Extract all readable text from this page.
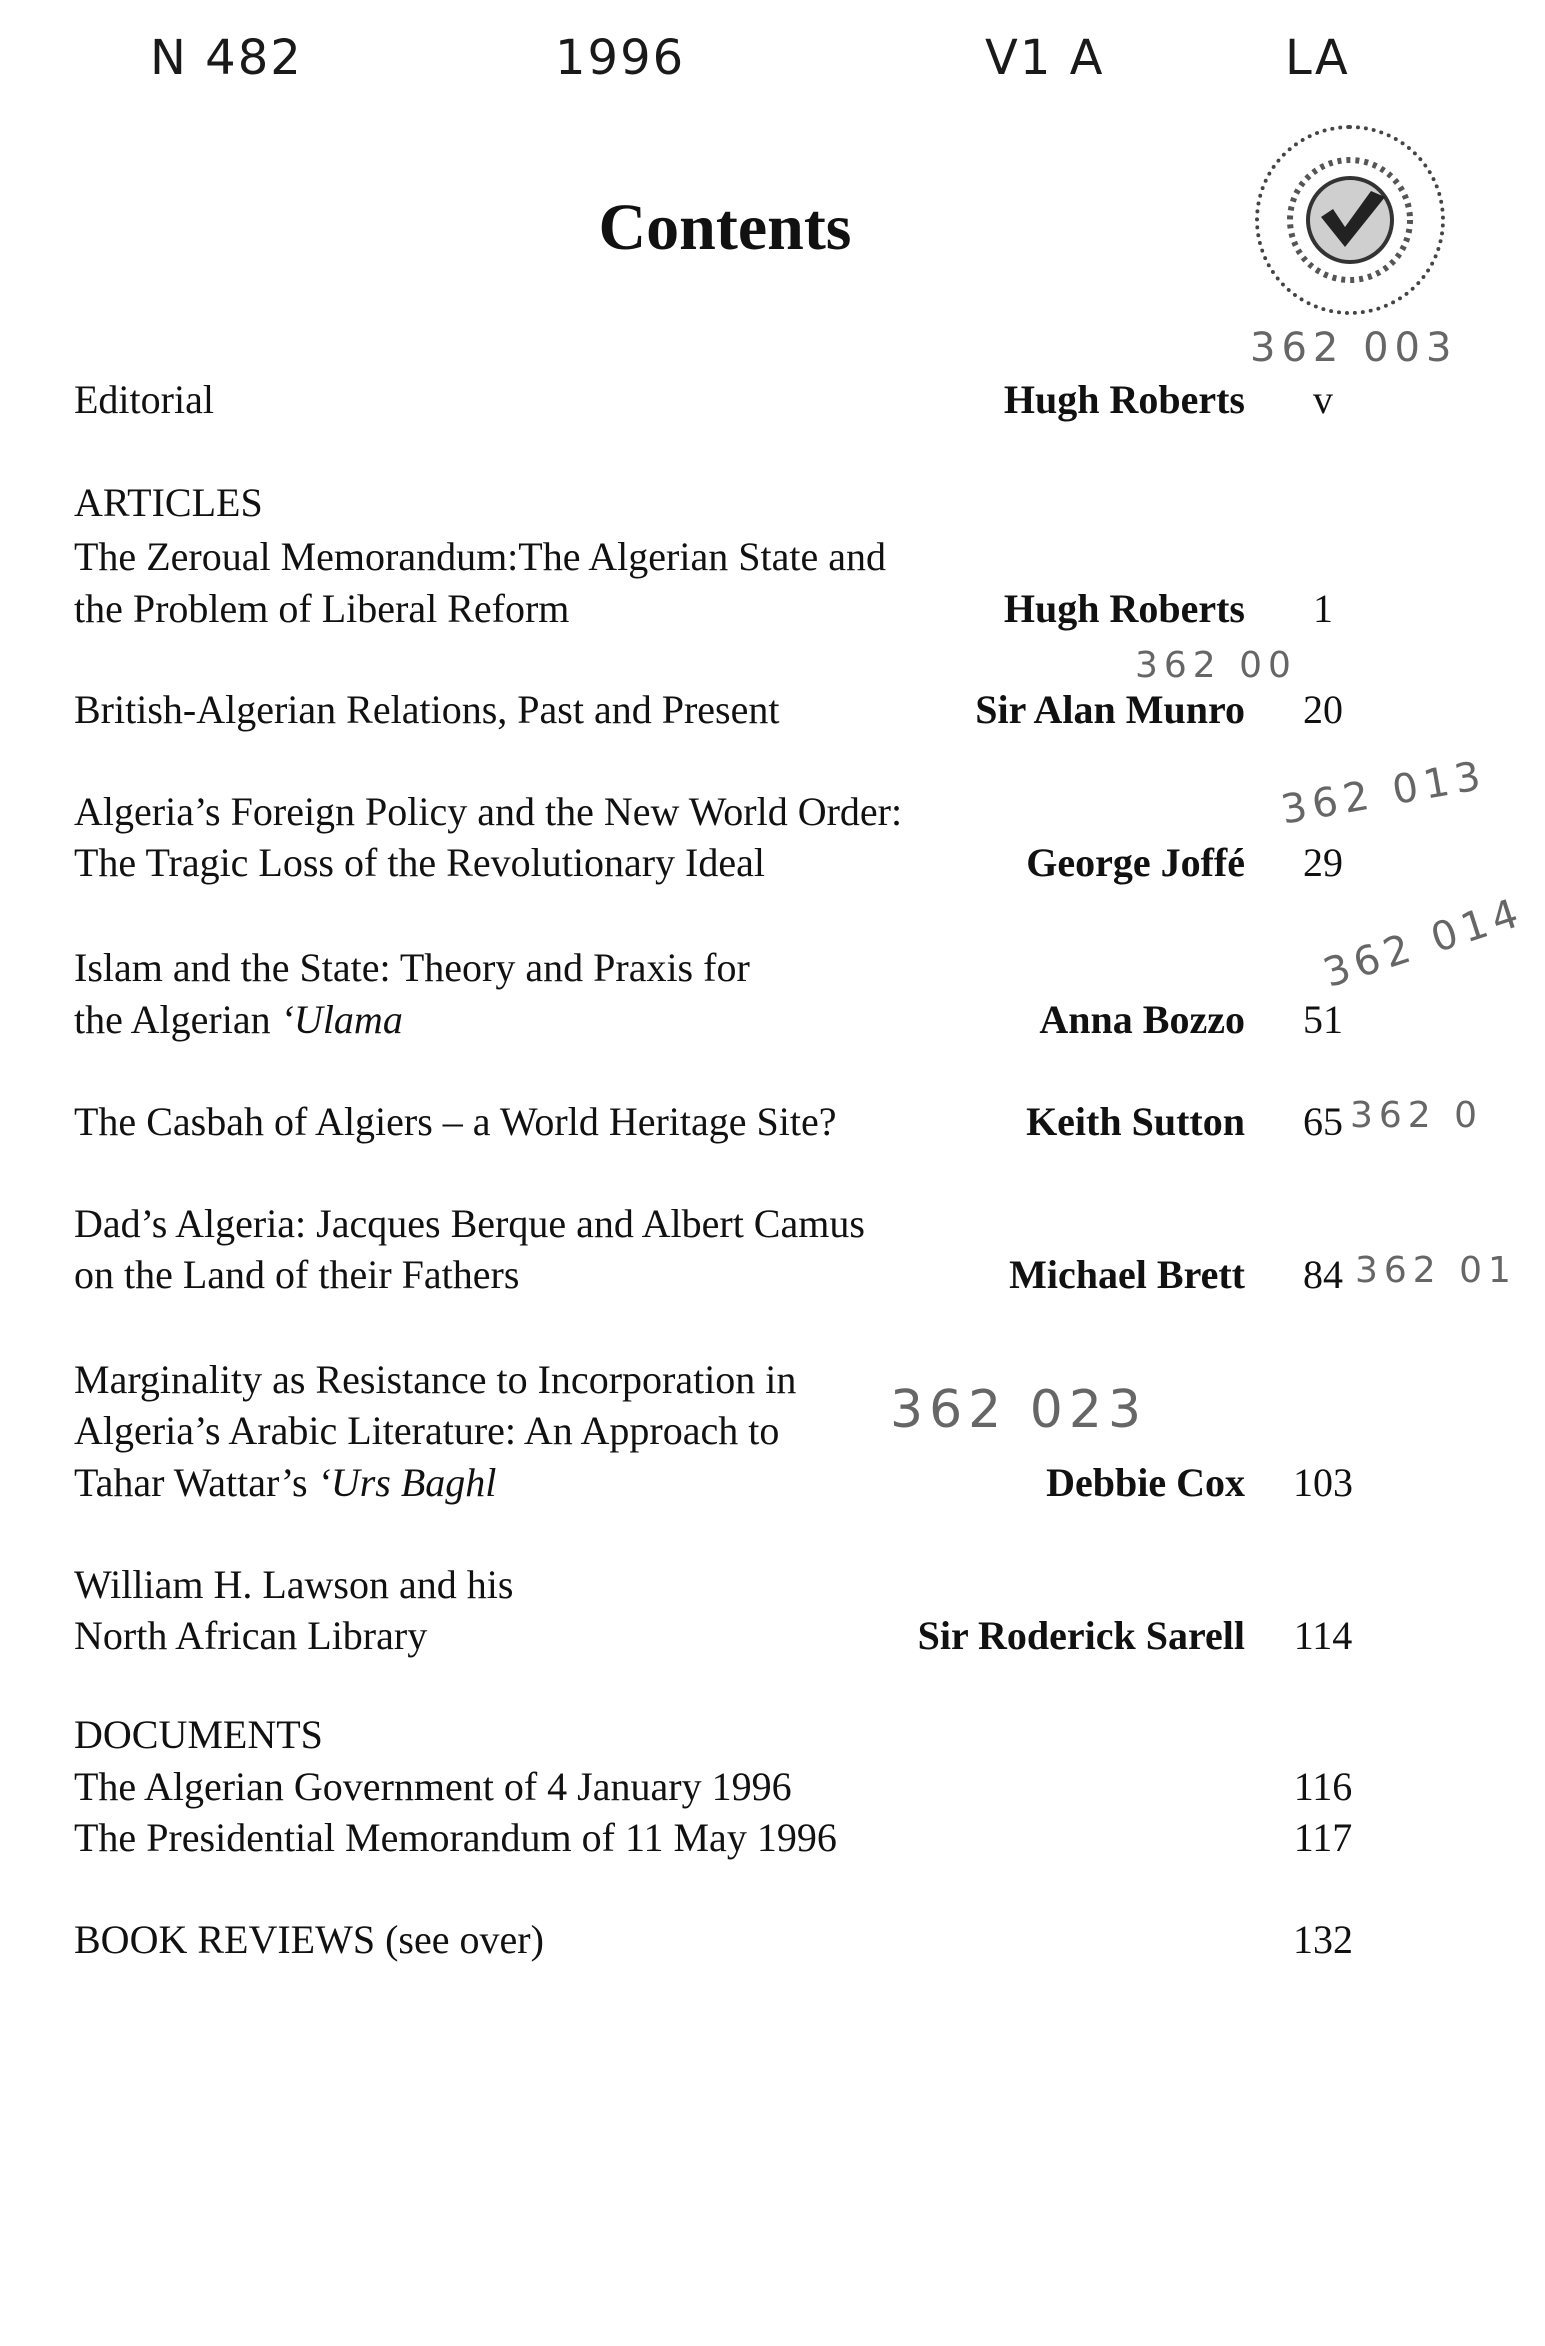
N 482	1996	V1 A	LA
Contents
362 003
362 00
362 013
362 014
362 0
362 01
362 023
Editorial	Hugh Roberts	v
ARTICLES
The Zeroual Memorandum:The Algerian State and
the Problem of Liberal Reform	Hugh Roberts	1
British-Algerian Relations, Past and Present	Sir Alan Munro	20
Algeria’s Foreign Policy and the New World Order:
The Tragic Loss of the Revolutionary Ideal	George Joffé	29
Islam and the State: Theory and Praxis for
the Algerian ‘Ulama	Anna Bozzo	51
The Casbah of Algiers – a World Heritage Site?	Keith Sutton	65
Dad’s Algeria: Jacques Berque and Albert Camus
on the Land of their Fathers	Michael Brett	84
Marginality as Resistance to Incorporation in
Algeria’s Arabic Literature: An Approach to
Tahar Wattar’s ‘Urs Baghl	Debbie Cox 103
William H. Lawson and his
North African Library	Sir Roderick Sarell 114
DOCUMENTS
The Algerian Government of 4 January 1996	116
The Presidential Memorandum of 11 May 1996	117
BOOK REVIEWS (see over)	132
